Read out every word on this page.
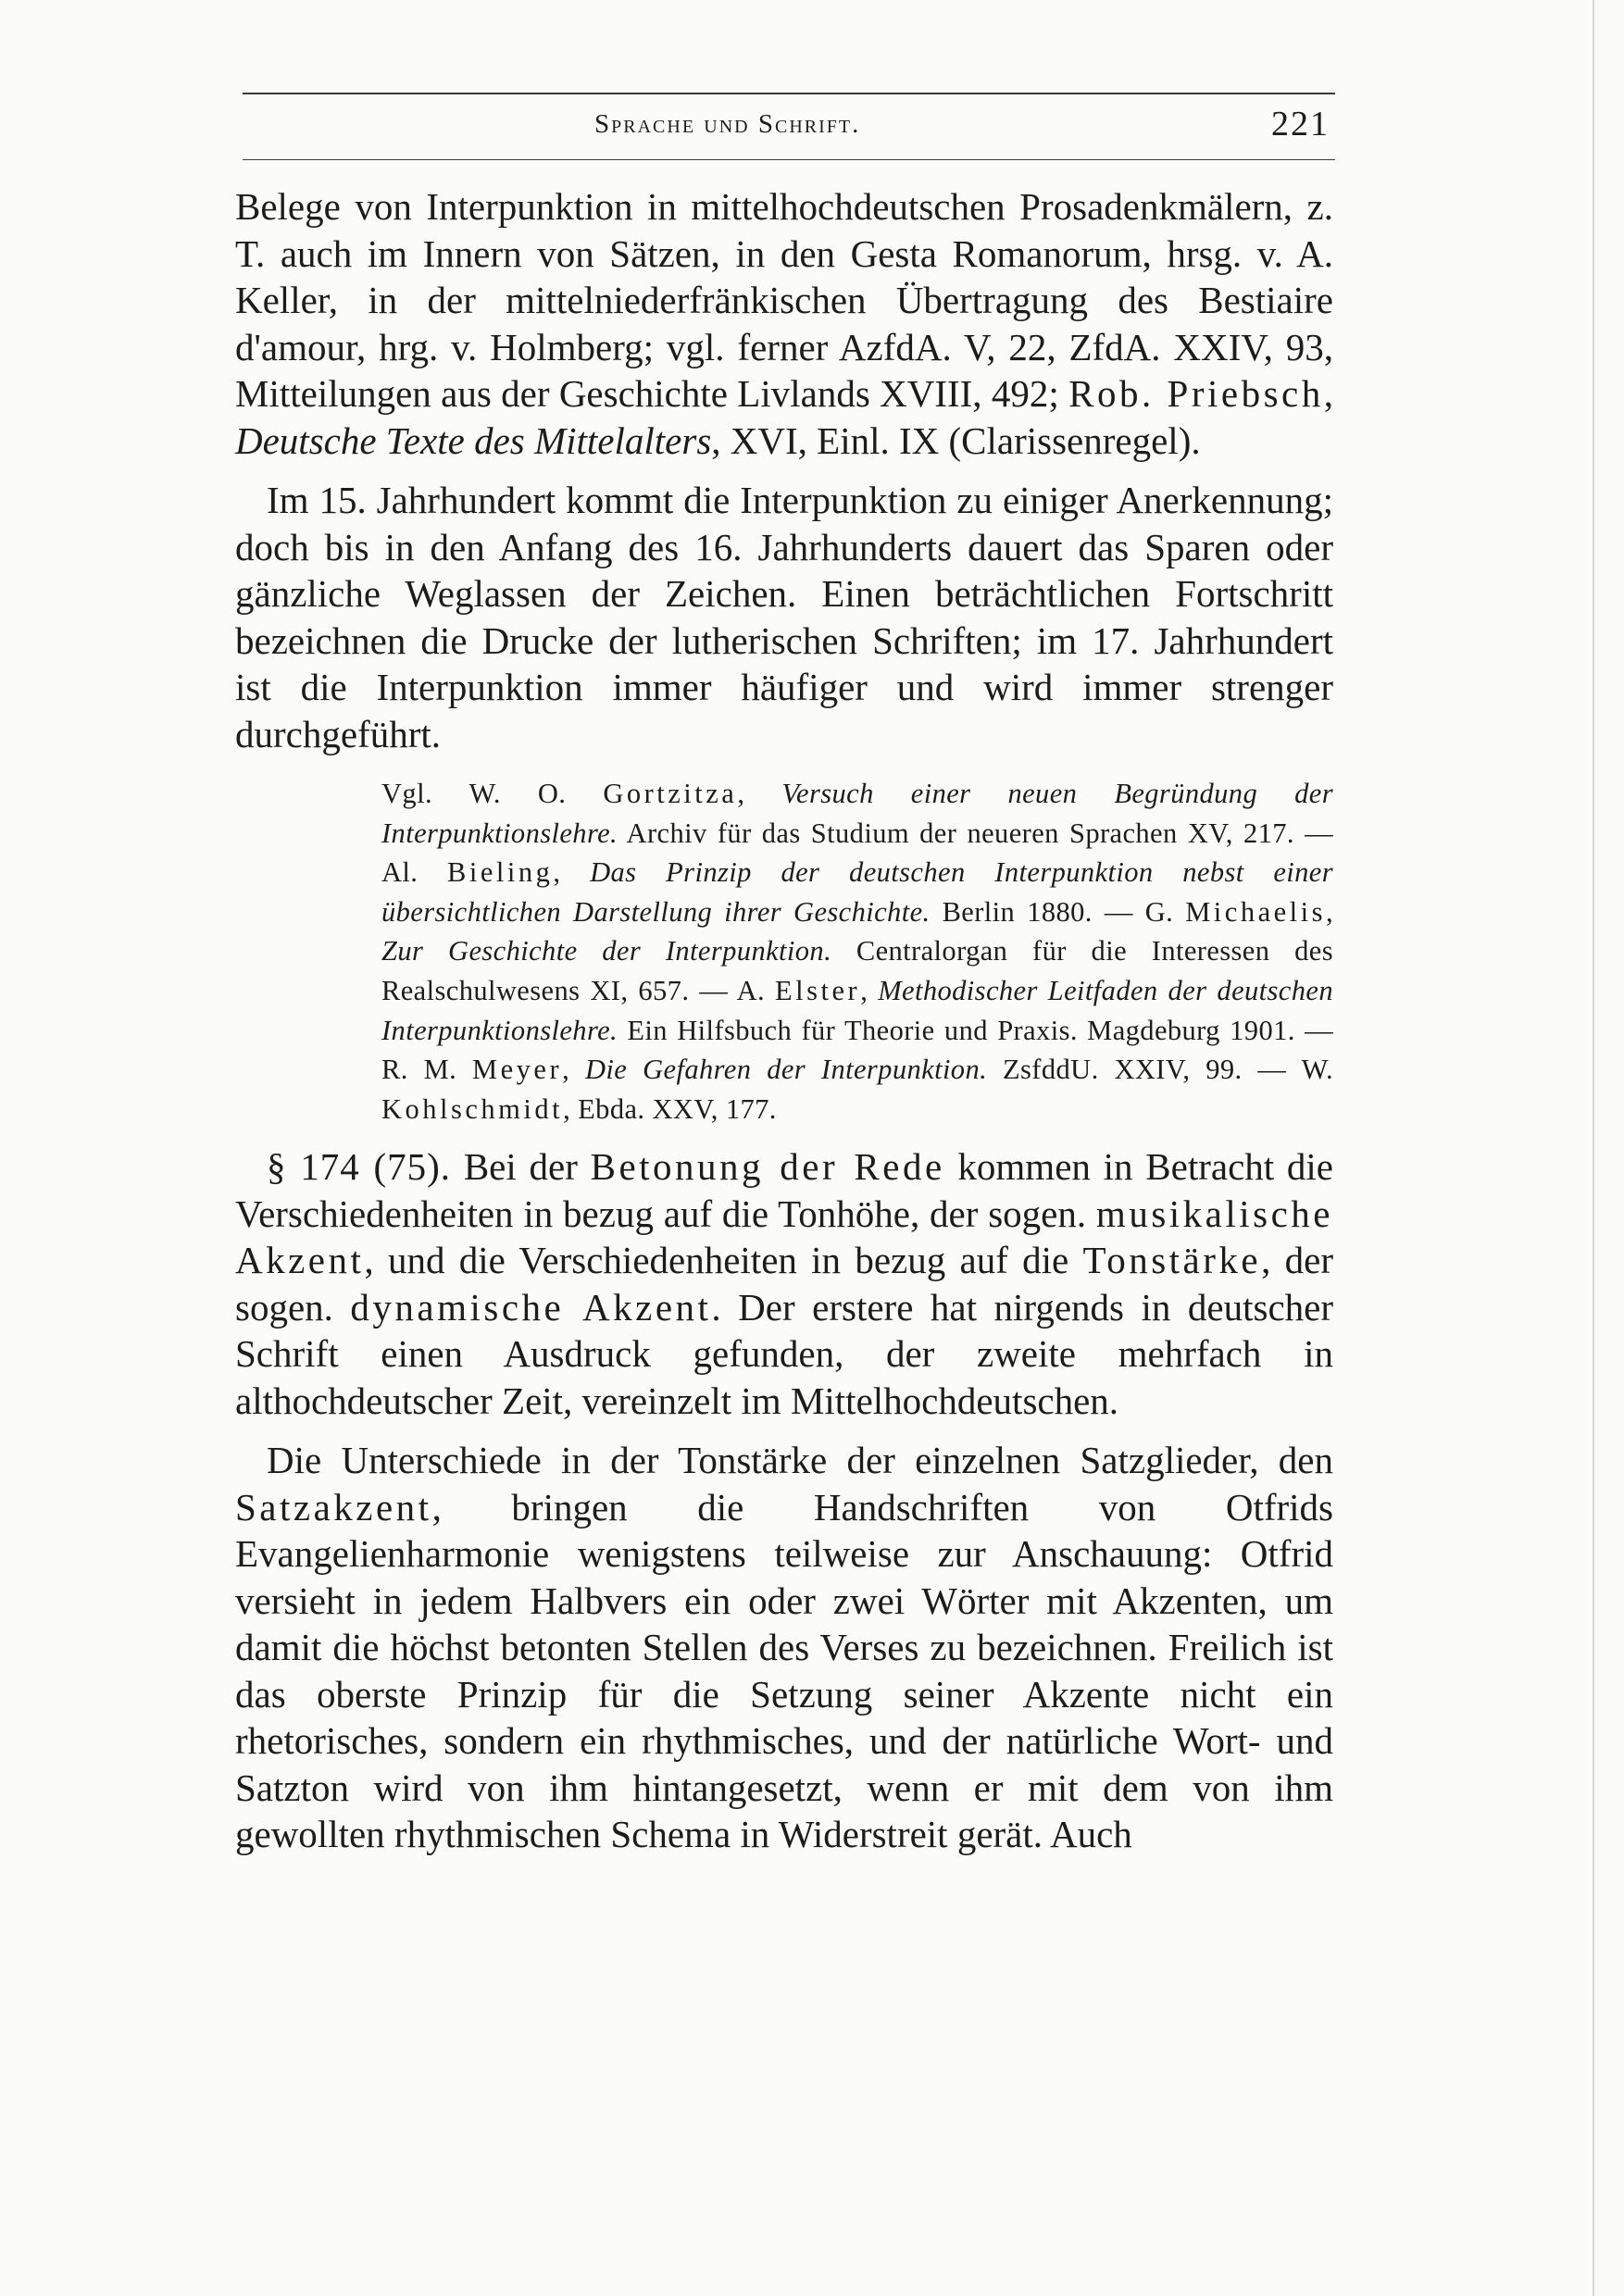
Sprache und Schrift.	221

Belege von Interpunktion in mittelhochdeutschen Prosadenkmälern, z. T. auch im Innern von Sätzen, in den Gesta Romanorum, hrsg. v. A. Keller, in der mittelniederfränkischen Übertragung des Bestiaire d'amour, hrg. v. Holmberg; vgl. ferner AzfdA. V, 22, ZfdA. XXIV, 93, Mitteilungen aus der Geschichte Livlands XVIII, 492; Rob. Priebsch, Deutsche Texte des Mittelalters, XVI, Einl. IX (Clarissenregel).

Im 15. Jahrhundert kommt die Interpunktion zu einiger Anerkennung; doch bis in den Anfang des 16. Jahrhunderts dauert das Sparen oder gänzliche Weglassen der Zeichen. Einen beträchtlichen Fortschritt bezeichnen die Drucke der lutherischen Schriften; im 17. Jahrhundert ist die Interpunktion immer häufiger und wird immer strenger durchgeführt.

Vgl. W. O. Gortzitza, Versuch einer neuen Begründung der Interpunktionslehre. Archiv für das Studium der neueren Sprachen XV, 217. — Al. Bieling, Das Prinzip der deutschen Interpunktion nebst einer übersichtlichen Darstellung ihrer Geschichte. Berlin 1880. — G. Michaelis, Zur Geschichte der Interpunktion. Centralorgan für die Interessen des Realschulwesens XI, 657. — A. Elster, Methodischer Leitfaden der deutschen Interpunktionslehre. Ein Hilfsbuch für Theorie und Praxis. Magdeburg 1901. — R. M. Meyer, Die Gefahren der Interpunktion. ZsfddU. XXIV, 99. — W. Kohlschmidt, Ebda. XXV, 177.

§ 174 (75). Bei der Betonung der Rede kommen in Betracht die Verschiedenheiten in bezug auf die Tonhöhe, der sogen. musikalische Akzent, und die Verschiedenheiten in bezug auf die Tonstärke, der sogen. dynamische Akzent. Der erstere hat nirgends in deutscher Schrift einen Ausdruck gefunden, der zweite mehrfach in althochdeutscher Zeit, vereinzelt im Mittelhochdeutschen.

Die Unterschiede in der Tonstärke der einzelnen Satzglieder, den Satzakzent, bringen die Handschriften von Otfrids Evangelienharmonie wenigstens teilweise zur Anschauung: Otfrid versieht in jedem Halbvers ein oder zwei Wörter mit Akzenten, um damit die höchst betonten Stellen des Verses zu bezeichnen. Freilich ist das oberste Prinzip für die Setzung seiner Akzente nicht ein rhetorisches, sondern ein rhythmisches, und der natürliche Wort- und Satzton wird von ihm hintangesetzt, wenn er mit dem von ihm gewollten rhythmischen Schema in Widerstreit gerät. Auch
